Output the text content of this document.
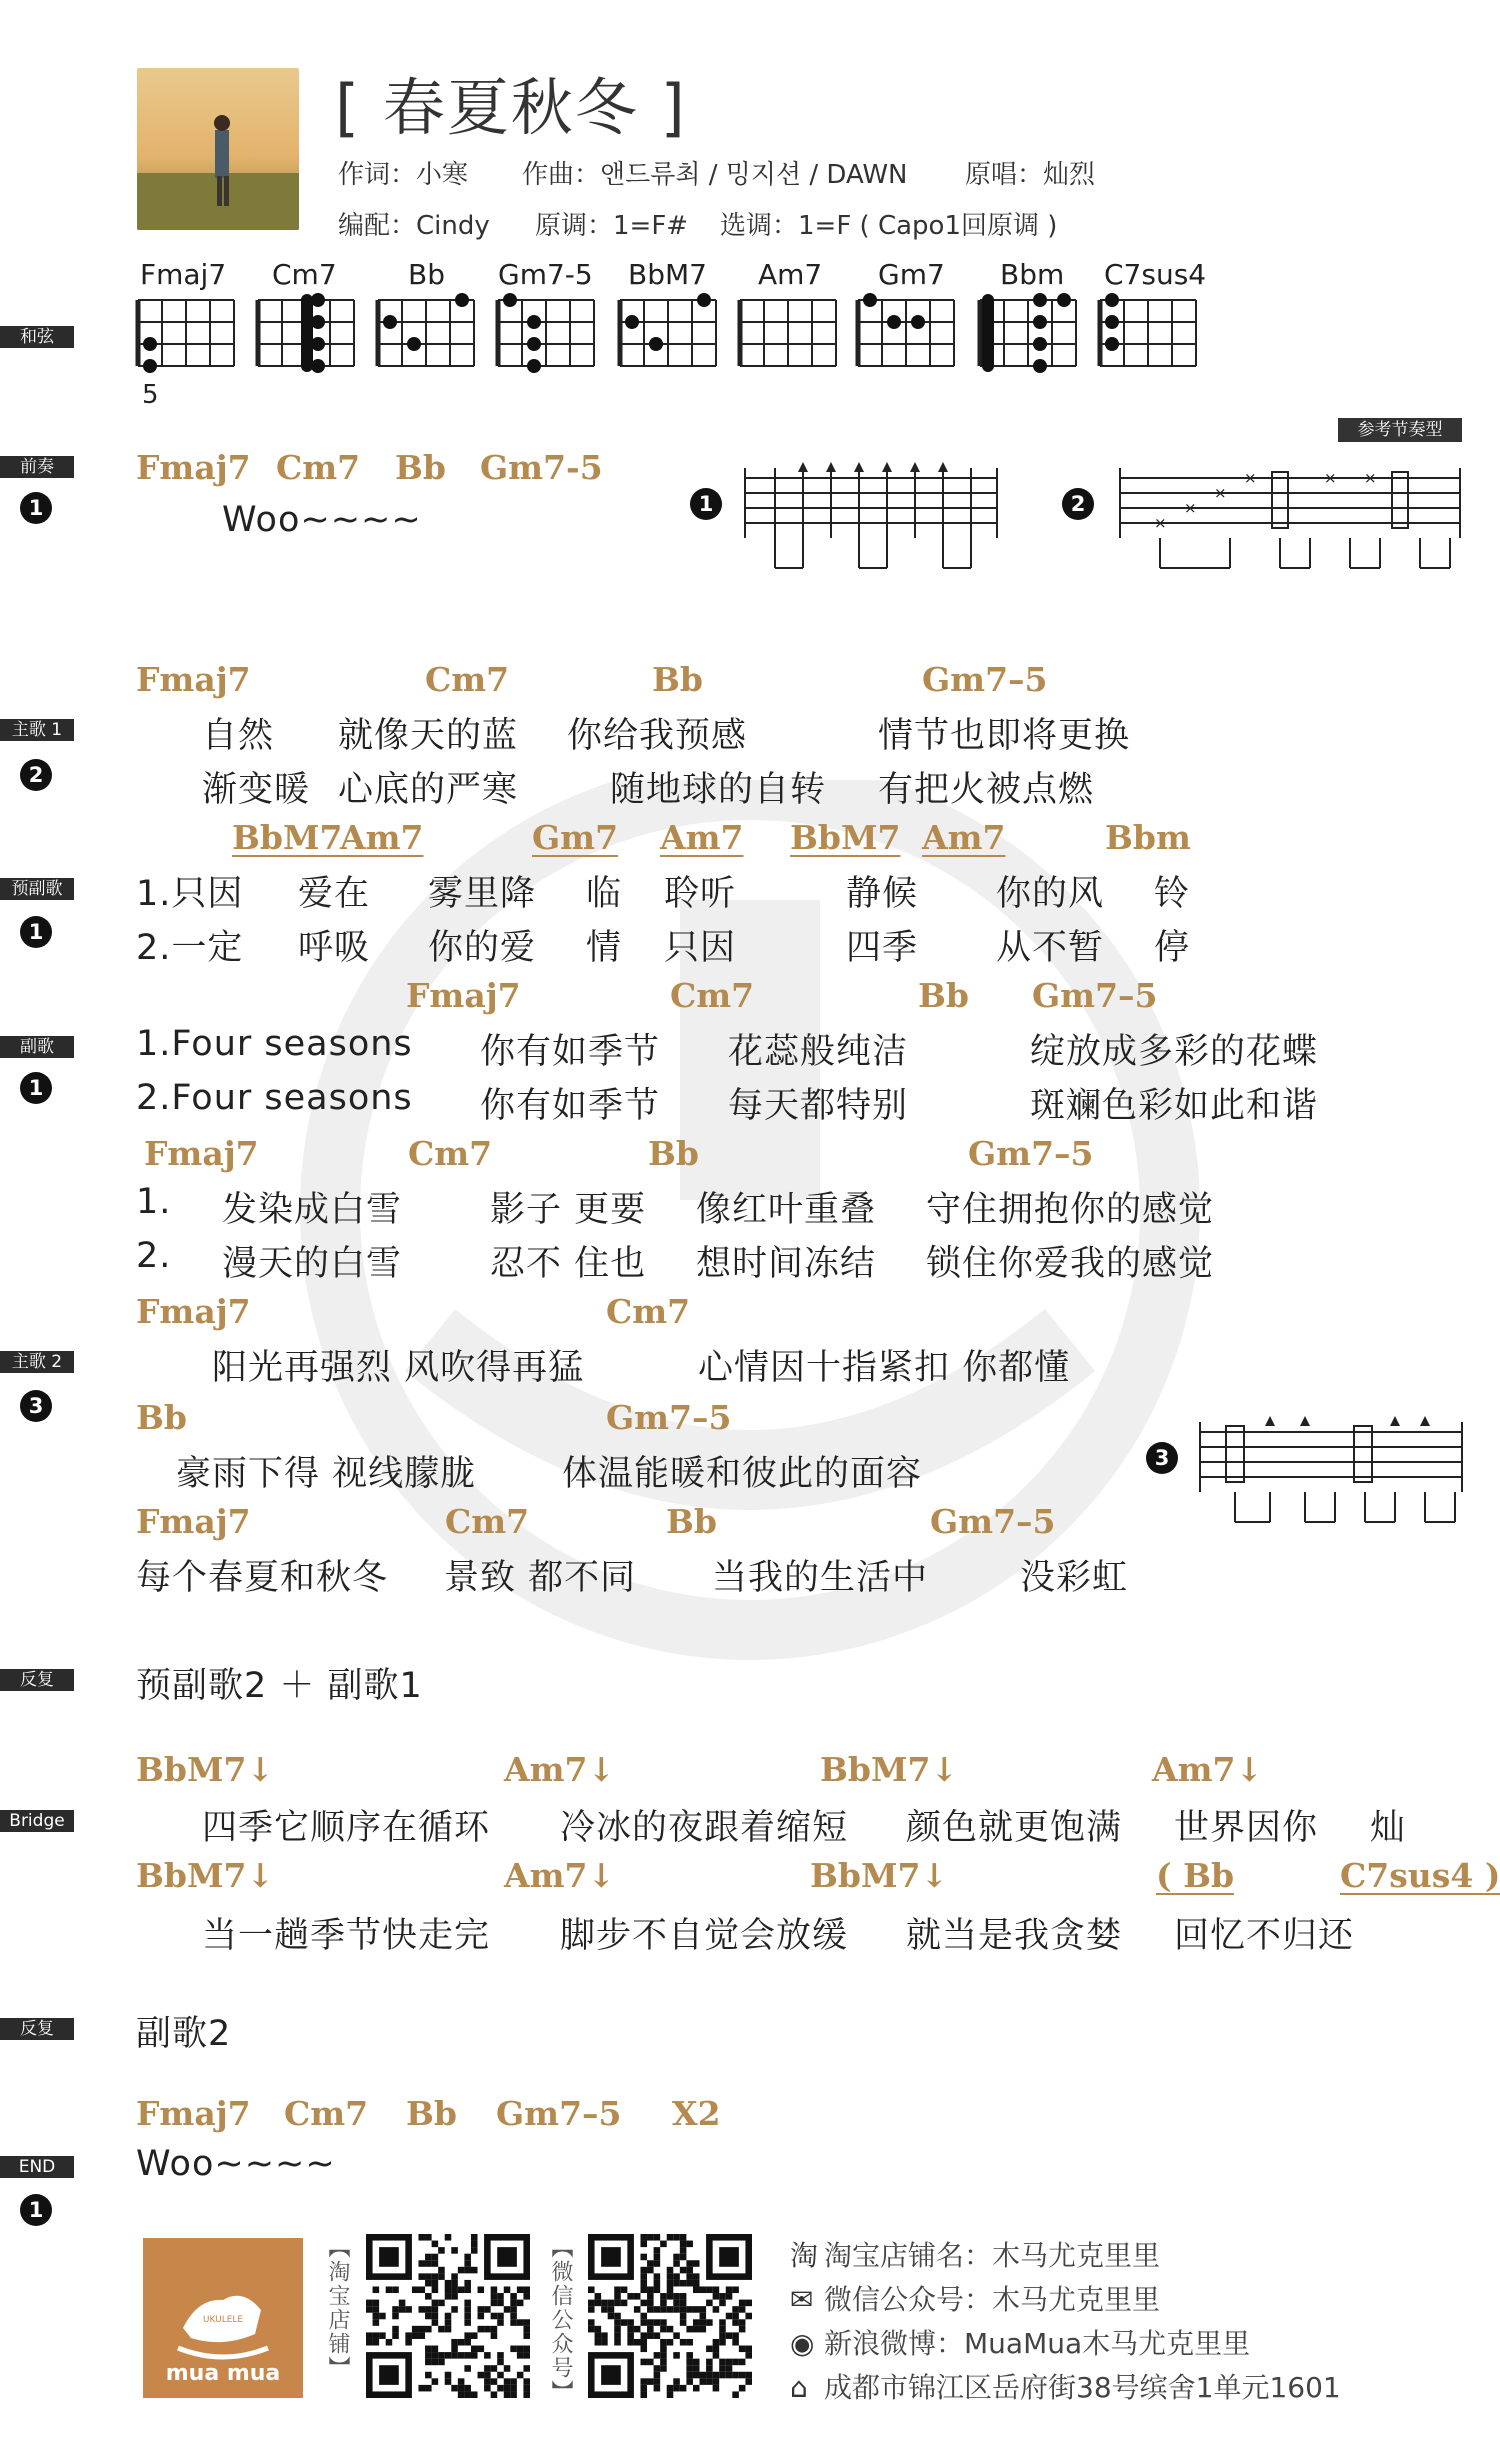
[ 春夏秋冬 ]
作词：小寒 作曲：앤드류최 / 밍지션 / DAWN 原唱：灿烈
编配：Cindy 原调：1=F# 选调：1=F ( Capo1回原调 )
和弦
Fmaj7 Cm7	Bb Gm7-5 BbM7 Am7 Gm7 Bbm C7sus4
5
参考节奏型
1	2
3
×
×
×
×	× ×
前奏
1
Fmaj7 Cm7 Bb Gm7-5
Woo~~~~
主歌 1
2
Fmaj7	Cm7	Bb	Gm7–5
自然 就像天的蓝 你给我预感	情节也即将更换
渐变暖 心底的严寒	随地球的自转 有把火被点燃
预副歌
1
BbM7
Am7	Gm7 Am7 BbM7 Am7	Bbm
1.只因 爱在 雾里降 临 聆听	静候 你的风 铃
2.一定 呼吸 你的爱 情 只因	四季 从不暂 停
副歌
1
Fmaj7	Cm7	Bb Gm7–5
1.Four seasons 你有如季节 花蕊般纯洁	绽放成多彩的花蝶
2.Four seasons 你有如季节 每天都特别	斑斓色彩如此和谐
Fmaj7	Cm7	Bb	Gm7–5
1. 发染成白雪	影子 更要 像红叶重叠 守住拥抱你的感觉
2. 漫天的白雪	忍不 住也 想时间冻结 锁住你爱我的感觉
主歌 2
3
Fmaj7	Cm7
阳光再强烈 风吹得再猛	心情因十指紧扣 你都懂
Bb	Gm7–5
豪雨下得 视线朦胧 体温能暖和彼此的面容
Fmaj7	Cm7	Bb	Gm7–5
每个春夏和秋冬 景致 都不同 当我的生活中	没彩虹
反复	预副歌2 ＋ 副歌1
Bridge
BbM7↓	Am7↓	BbM7↓	Am7↓
四季它顺序在循环 冷冰的夜跟着缩短 颜色就更饱满 世界因你 灿
BbM7↓	Am7↓	BbM7↓	( Bb	C7sus4 )
当一趟季节快走完 脚步不自觉会放缓 就当是我贪婪 回忆不归还
反复	副歌2
END
1
Fmaj7 Cm7 Bb Gm7–5 X2
Woo~~~~
mua mua
UKULELE	【淘宝店铺】	【微信公众号】	淘 淘宝店铺名：木马尤克里里
✉ 微信公众号：木马尤克里里
◉ 新浪微博：MuaMua木马尤克里里
⌂ 成都市锦江区岳府街38号缤舍1单元1601
